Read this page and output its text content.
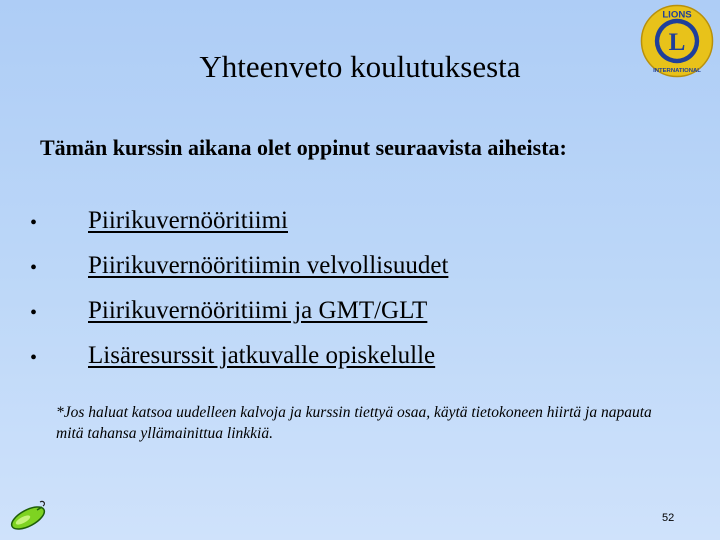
Yhteenveto koulutuksesta
L
LIONS
INTERNATIONAL
Tämän kurssin aikana olet oppinut seuraavista aiheista:
• Piirikuvernööritiimi
• Piirikuvernööritiimin velvollisuudet
• Piirikuvernööritiimi ja GMT/GLT
• Lisäresurssit jatkuvalle opiskelulle
*Jos haluat katsoa uudelleen kalvoja ja kurssin tiettyä osaa, käytä tietokoneen hiirtä ja napauta mitä tahansa yllämainittua linkkiä.
52
